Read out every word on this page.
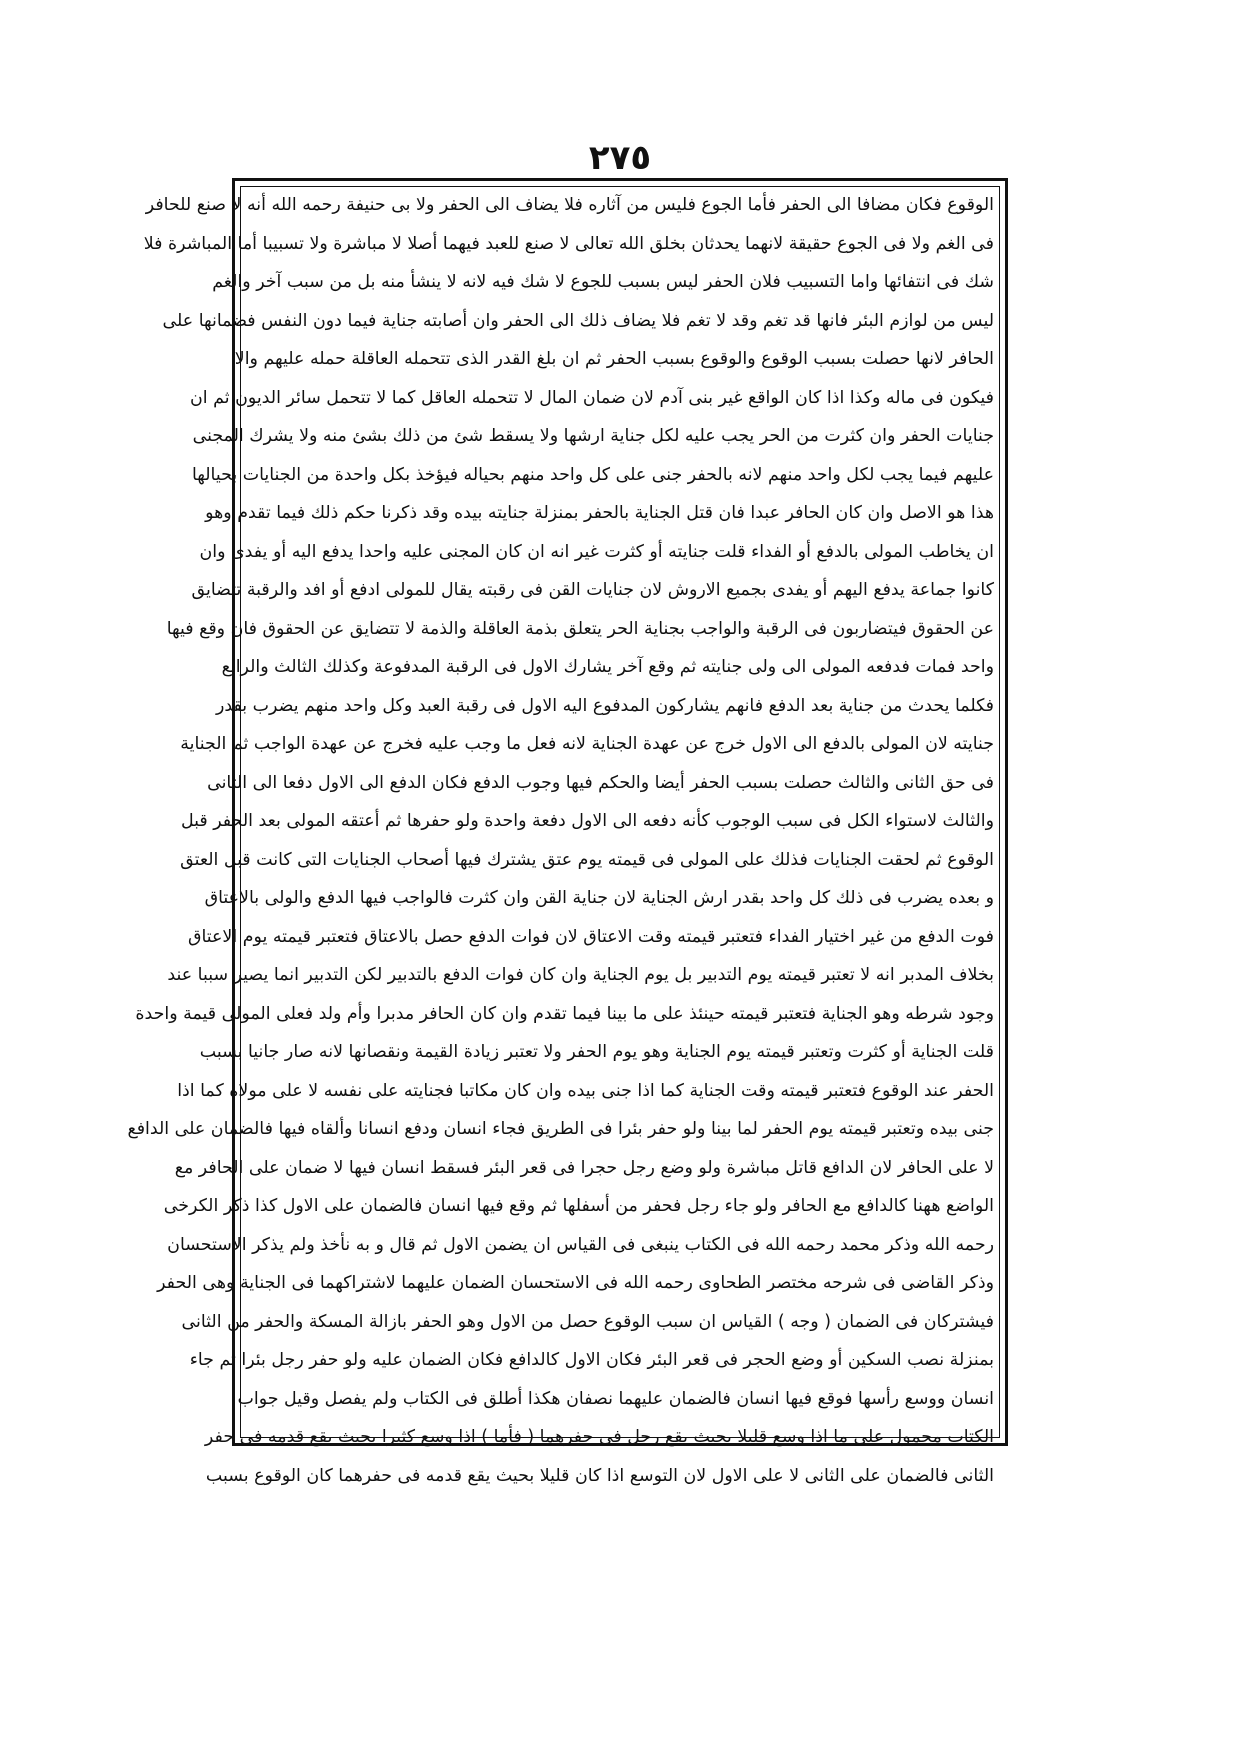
٢٧٥
الوقوع فكان مضافا الى الحفر فأما الجوع فليس من آثاره فلا يضاف الى الحفر ولا بى حنيفة رحمه الله أنه لا صنع للحافر
فى الغم ولا فى الجوع حقيقة لانهما يحدثان بخلق الله تعالى لا صنع للعبد فيهما أصلا لا مباشرة ولا تسبيبا أما المباشرة فلا
شك فى انتفائها واما التسبيب فلان الحفر ليس بسبب للجوع لا شك فيه لانه لا ينشأ منه بل من سبب آخر والغم
ليس من لوازم البئر فانها قد تغم وقد لا تغم فلا يضاف ذلك الى الحفر وان أصابته جناية فيما دون النفس فضمانها على
الحافر لانها حصلت بسبب الوقوع والوقوع بسبب الحفر ثم ان بلغ القدر الذى تتحمله العاقلة حمله عليهم والا
فيكون فى ماله وكذا اذا كان الواقع غير بنى آدم لان ضمان المال لا تتحمله العاقل كما لا تتحمل سائر الديون ثم ان
جنايات الحفر وان كثرت من الحر يجب عليه لكل جناية ارشها ولا يسقط شئ من ذلك بشئ منه ولا يشرك المجنى
عليهم فيما يجب لكل واحد منهم لانه بالحفر جنى على كل واحد منهم بحياله فيؤخذ بكل واحدة من الجنايات بحيالها
هذا هو الاصل وان كان الحافر عبدا فان قتل الجناية بالحفر بمنزلة جنايته بيده وقد ذكرنا حكم ذلك فيما تقدم وهو
ان يخاطب المولى بالدفع أو الفداء قلت جنايته أو كثرت غير انه ان كان المجنى عليه واحدا يدفع اليه أو يفدى وان
كانوا جماعة يدفع اليهم أو يفدى بجميع الاروش لان جنايات القن فى رقبته يقال للمولى ادفع أو افد والرقبة تتضايق
عن الحقوق فيتضاربون فى الرقبة والواجب بجناية الحر يتعلق بذمة العاقلة والذمة لا تتضايق عن الحقوق فان وقع فيها
واحد فمات فدفعه المولى الى ولى جنايته ثم وقع آخر يشارك الاول فى الرقبة المدفوعة وكذلك الثالث والرابع
فكلما يحدث من جناية بعد الدفع فانهم يشاركون المدفوع اليه الاول فى رقبة العبد وكل واحد منهم يضرب بقدر
جنايته لان المولى بالدفع الى الاول خرج عن عهدة الجناية لانه فعل ما وجب عليه فخرج عن عهدة الواجب ثم الجناية
فى حق الثانى والثالث حصلت بسبب الحفر أيضا والحكم فيها وجوب الدفع فكان الدفع الى الاول دفعا الى الثانى
والثالث لاستواء الكل فى سبب الوجوب كأنه دفعه الى الاول دفعة واحدة ولو حفرها ثم أعتقه المولى بعد الحفر قبل
الوقوع ثم لحقت الجنايات فذلك على المولى فى قيمته يوم عتق يشترك فيها أصحاب الجنايات التى كانت قبل العتق
و بعده يضرب فى ذلك كل واحد بقدر ارش الجناية لان جناية القن وان كثرت فالواجب فيها الدفع والولى بالاعتاق
فوت الدفع من غير اختيار الفداء فتعتبر قيمته وقت الاعتاق لان فوات الدفع حصل بالاعتاق فتعتبر قيمته يوم الاعتاق
بخلاف المدبر انه لا تعتبر قيمته يوم التدبير بل يوم الجناية وان كان فوات الدفع بالتدبير لكن التدبير انما يصير سببا عند
وجود شرطه وهو الجناية فتعتبر قيمته حينئذ على ما بينا فيما تقدم وان كان الحافر مدبرا وأم ولد فعلى المولى قيمة واحدة
قلت الجناية أو كثرت وتعتبر قيمته يوم الجناية وهو يوم الحفر ولا تعتبر زيادة القيمة ونقصانها لانه صار جانيا بسبب
الحفر عند الوقوع فتعتبر قيمته وقت الجناية كما اذا جنى بيده وان كان مكاتبا فجنايته على نفسه لا على مولاه كما اذا
جنى بيده وتعتبر قيمته يوم الحفر لما بينا ولو حفر بئرا فى الطريق فجاء انسان ودفع انسانا وألقاه فيها فالضمان على الدافع
لا على الحافر لان الدافع قاتل مباشرة ولو وضع رجل حجرا فى قعر البئر فسقط انسان فيها لا ضمان على الحافر مع
الواضع ههنا كالدافع مع الحافر ولو جاء رجل فحفر من أسفلها ثم وقع فيها انسان فالضمان على الاول كذا ذكر الكرخى
رحمه الله وذكر محمد رحمه الله فى الكتاب ينبغى فى القياس ان يضمن الاول ثم قال و به نأخذ ولم يذكر الاستحسان
وذكر القاضى فى شرحه مختصر الطحاوى رحمه الله فى الاستحسان الضمان عليهما لاشتراكهما فى الجناية وهى الحفر
فيشتركان فى الضمان ( وجه ) القياس ان سبب الوقوع حصل من الاول وهو الحفر بازالة المسكة والحفر من الثانى
بمنزلة نصب السكين أو وضع الحجر فى قعر البئر فكان الاول كالدافع فكان الضمان عليه ولو حفر رجل بئرا ثم جاء
انسان ووسع رأسها فوقع فيها انسان فالضمان عليهما نصفان هكذا أطلق فى الكتاب ولم يفصل وقيل جواب
الكتاب محمول على ما اذا وسع قليلا بحيث يقع رجل فى حفرهما ( فأما ) اذا وسع كثيرا بحيث يقع قدمه فى حفر
الثانى فالضمان على الثانى لا على الاول لان التوسع اذا كان قليلا بحيث يقع قدمه فى حفرهما كان الوقوع بسبب
